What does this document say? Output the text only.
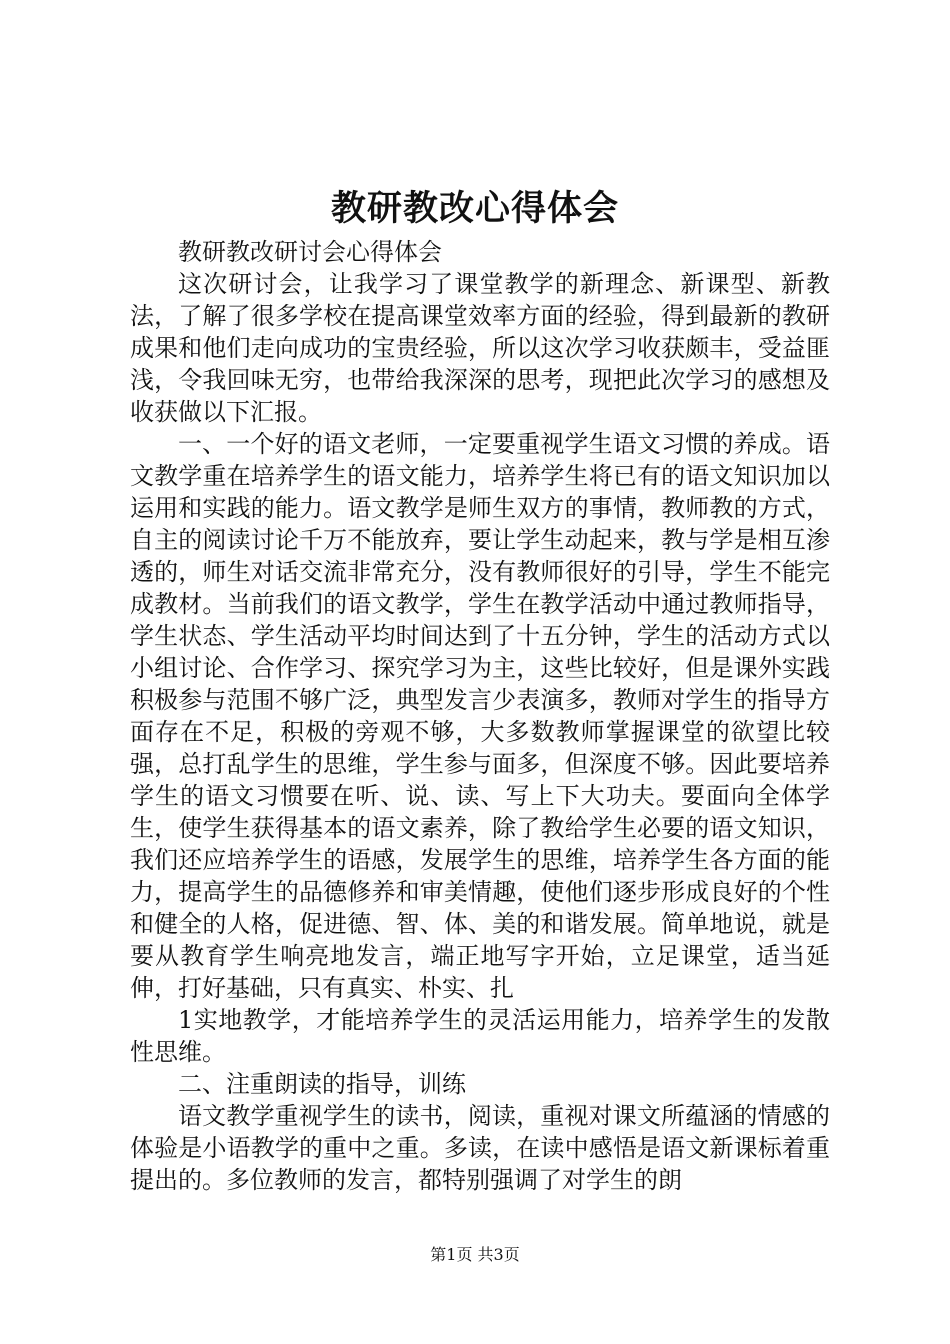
教研教改心得体会

教研教改研讨会心得体会

这次研讨会，让我学习了课堂教学的新理念、新课型、新教法，了解了很多学校在提高课堂效率方面的经验，得到最新的教研成果和他们走向成功的宝贵经验，所以这次学习收获颇丰，受益匪浅，令我回味无穷，也带给我深深的思考，现把此次学习的感想及收获做以下汇报。

一、一个好的语文老师，一定要重视学生语文习惯的养成。语文教学重在培养学生的语文能力，培养学生将已有的语文知识加以运用和实践的能力。语文教学是师生双方的事情，教师教的方式，自主的阅读讨论千万不能放弃，要让学生动起来，教与学是相互渗透的，师生对话交流非常充分，没有教师很好的引导，学生不能完成教材。当前我们的语文教学，学生在教学活动中通过教师指导，学生状态、学生活动平均时间达到了十五分钟，学生的活动方式以小组讨论、合作学习、探究学习为主，这些比较好，但是课外实践积极参与范围不够广泛，典型发言少表演多，教师对学生的指导方面存在不足，积极的旁观不够，大多数教师掌握课堂的欲望比较强，总打乱学生的思维，学生参与面多，但深度不够。因此要培养学生的语文习惯要在听、说、读、写上下大功夫。要面向全体学生，使学生获得基本的语文素养，除了教给学生必要的语文知识，我们还应培养学生的语感，发展学生的思维，培养学生各方面的能力，提高学生的品德修养和审美情趣，使他们逐步形成良好的个性和健全的人格，促进德、智、体、美的和谐发展。简单地说，就是要从教育学生响亮地发言，端正地写字开始，立足课堂，适当延伸，打好基础，只有真实、朴实、扎

1实地教学，才能培养学生的灵活运用能力，培养学生的发散性思维。

二、注重朗读的指导，训练

语文教学重视学生的读书，阅读，重视对课文所蕴涵的情感的体验是小语教学的重中之重。多读，在读中感悟是语文新课标着重提出的。多位教师的发言，都特别强调了对学生的朗

第1页 共3页
